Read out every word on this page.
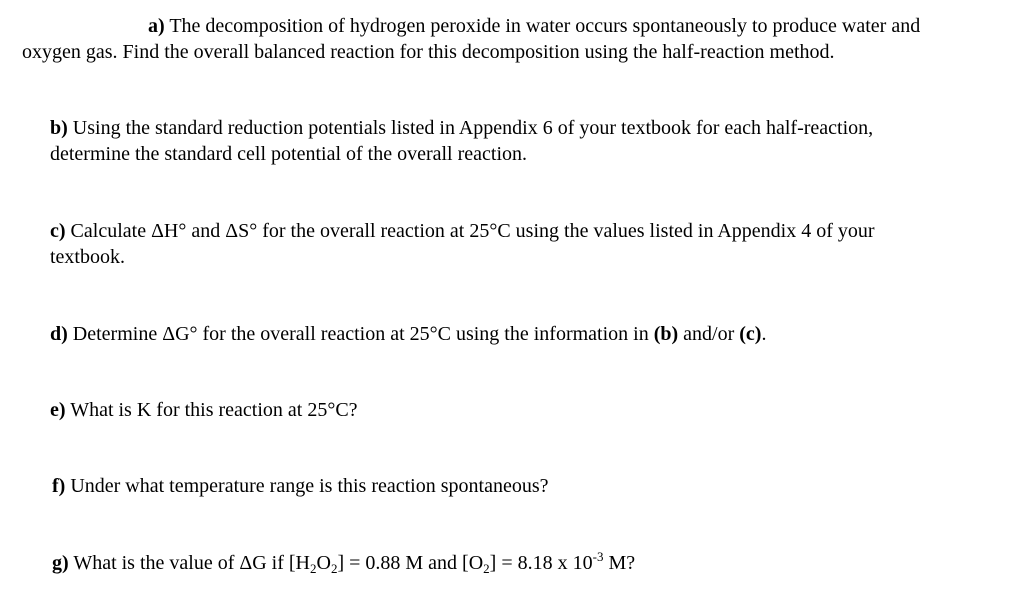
a) The decomposition of hydrogen peroxide in water occurs spontaneously to produce water and

oxygen gas. Find the overall balanced reaction for this decomposition using the half-reaction method.

b) Using the standard reduction potentials listed in Appendix 6 of your textbook for each half-reaction,
determine the standard cell potential of the overall reaction.

c) Calculate ΔH° and ΔS° for the overall reaction at 25°C using the values listed in Appendix 4 of your
textbook.

d) Determine ΔG° for the overall reaction at 25°C using the information in (b) and/or (c).

e) What is K for this reaction at 25°C?

f) Under what temperature range is this reaction spontaneous?

g) What is the value of ΔG if $[H_2O_2] = 0.88$ M and $[O_2] = 8.18$ x $10^{-3}$ M?
